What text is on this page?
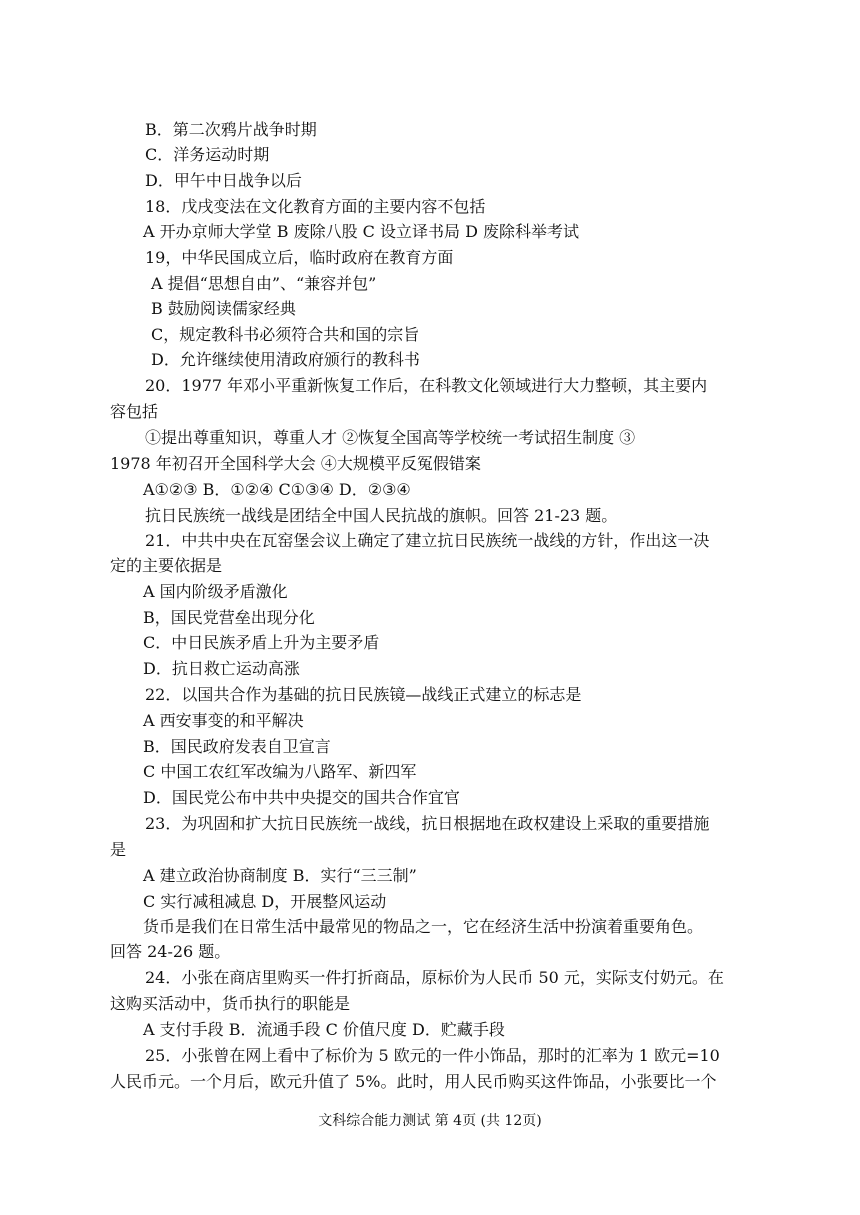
B．第二次鸦片战争时期
C．洋务运动时期
D．甲午中日战争以后
18．戊戌变法在文化教育方面的主要内容不包括
A 开办京师大学堂 B 废除八股 C 设立译书局 D 废除科举考试
19，中华民国成立后，临时政府在教育方面
A 提倡“思想自由”、“兼容并包”
B 鼓励阅读儒家经典
C，规定教科书必须符合共和国的宗旨
D．允许继续使用清政府颁行的教科书
20．1977 年邓小平重新恢复工作后，在科教文化领域进行大力整顿，其主要内
容包括
①提出尊重知识，尊重人才 ②恢复全国高等学校统一考试招生制度 ③
1978 年初召开全国科学大会 ④大规模平反冤假错案
A①②③ B．①②④ C①③④ D．②③④
抗日民族统一战线是团结全中国人民抗战的旗帜。回答 21-23 题。
21．中共中央在瓦窑堡会议上确定了建立抗日民族统一战线的方针，作出这一决
定的主要依据是
A 国内阶级矛盾激化
B，国民党营垒出现分化
C．中日民族矛盾上升为主要矛盾
D．抗日救亡运动高涨
22．以国共合作为基础的抗日民族镜—战线正式建立的标志是
A 西安事变的和平解决
B．国民政府发表自卫宣言
C 中国工农红军改编为八路军、新四军
D．国民党公布中共中央提交的国共合作宜官
23．为巩固和扩大抗日民族统一战线，抗日根据地在政权建设上采取的重要措施
是
A 建立政治协商制度 B．实行“三三制”
C 实行减租减息 D，开展整风运动
货币是我们在日常生活中最常见的物品之一，它在经济生活中扮演着重要角色。
回答 24-26 题。
24．小张在商店里购买一件打折商品，原标价为人民币 50 元，实际支付奶元。在
这购买活动中，货币执行的职能是
A 支付手段 B．流通手段 C 价值尺度 D．贮藏手段
25．小张曾在网上看中了标价为 5 欧元的一件小饰品，那时的汇率为 1 欧元=10
人民币元。一个月后，欧元升值了 5%。此时，用人民币购买这件饰品，小张要比一个
文科综合能力测试 第 4页 (共 12页)
